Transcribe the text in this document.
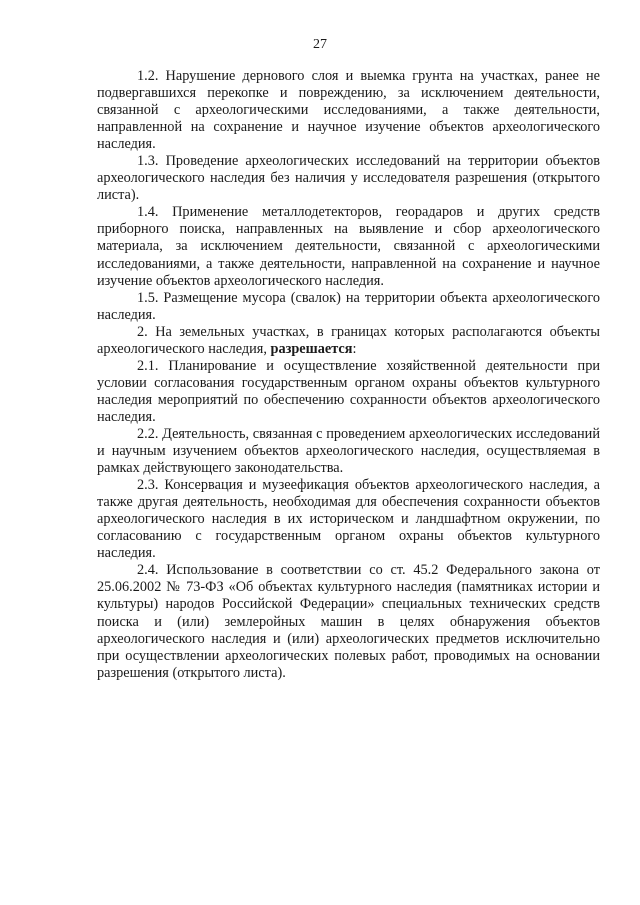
27

1.2. Нарушение дернового слоя и выемка грунта на участках, ранее не подвергавшихся перекопке и повреждению, за исключением деятельности, связанной с археологическими исследованиями, а также деятельности, направленной на сохранение и научное изучение объектов археологического наследия.

1.3. Проведение археологических исследований на территории объектов археологического наследия без наличия у исследователя разрешения (открытого листа).

1.4. Применение металлодетекторов, георадаров и других средств приборного поиска, направленных на выявление и сбор археологического материала, за исключением деятельности, связанной с археологическими исследованиями, а также деятельности, направленной на сохранение и научное изучение объектов археологического наследия.

1.5. Размещение мусора (свалок) на территории объекта археологического наследия.

2. На земельных участках, в границах которых располагаются объекты археологического наследия, разрешается:

2.1. Планирование и осуществление хозяйственной деятельности при условии согласования государственным органом охраны объектов культурного наследия мероприятий по обеспечению сохранности объектов археологического наследия.

2.2. Деятельность, связанная с проведением археологических исследований и научным изучением объектов археологического наследия, осуществляемая в рамках действующего законодательства.

2.3. Консервация и музеефикация объектов археологического наследия, а также другая деятельность, необходимая для обеспечения сохранности объектов археологического наследия в их историческом и ландшафтном окружении, по согласованию с государственным органом охраны объектов культурного наследия.

2.4. Использование в соответствии со ст. 45.2 Федерального закона от 25.06.2002 № 73-ФЗ «Об объектах культурного наследия (памятниках истории и культуры) народов Российской Федерации» специальных технических средств поиска и (или) землеройных машин в целях обнаружения объектов археологического наследия и (или) археологических предметов исключительно при осуществлении археологических полевых работ, проводимых на основании разрешения (открытого листа).
